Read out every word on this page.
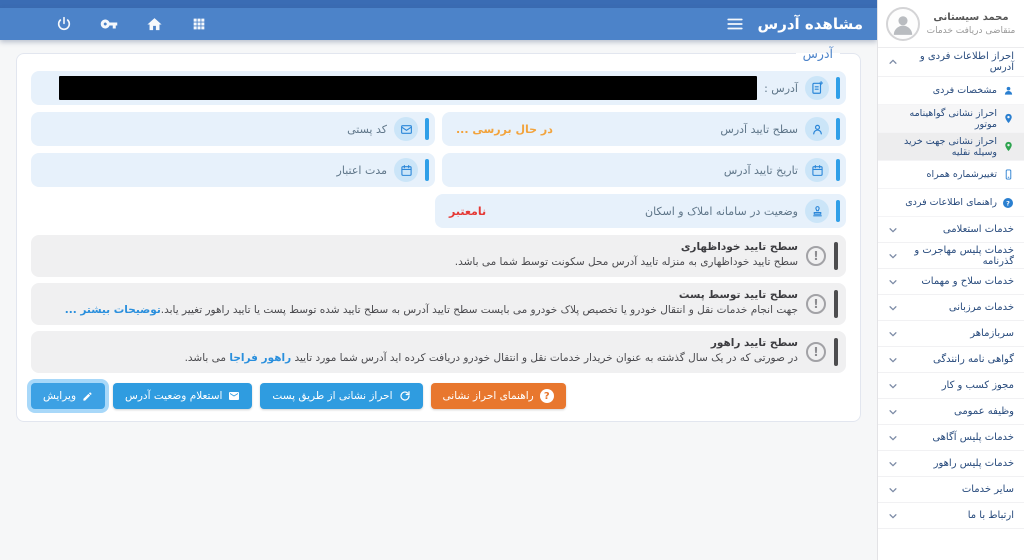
محمد سیستانی
متقاضی دریافت خدمات
احراز اطلاعات فردی و آدرس
مشخصات فردی
احراز نشانی گواهینامه موتور
احراز نشانی جهت خرید وسیله نقلیه
تغییرشماره همراه
?
راهنمای اطلاعات فردی
خدمات استعلامی
خدمات پلیس مهاجرت و گذرنامه
خدمات سلاح و مهمات
خدمات مرزبانی
سربازماهر
گواهی نامه رانندگی
مجوز کسب و کار
وظیفه عمومی
خدمات پلیس آگاهی
خدمات پلیس راهور
سایر خدمات
ارتباط با ما
مشاهده آدرس
آدرس
آدرس :
سطح تایید آدرس
در حال بررسی ...
کد پستی
تاریخ تایید آدرس
مدت اعتبار
وضعیت در سامانه املاک و اسکان
نامعتبر
!
سطح تایید خوداظهاری
سطح تایید خوداظهاری به منزله تایید آدرس محل سکونت توسط شما می باشد.
!
سطح تایید توسط پست
جهت انجام خدمات نقل و انتقال خودرو یا تخصیص پلاک خودرو می بایست سطح تایید آدرس به سطح تایید شده توسط پست یا تایید راهور تغییر یابد.توضیحات بیشتر ...
!
سطح تایید راهور
در صورتی که در یک سال گذشته به عنوان خریدار خدمات نقل و انتقال خودرو دریافت کرده اید آدرس شما مورد تایید راهور فراجا می باشد.
?
راهنمای احراز نشانی
احراز نشانی از طریق پست
استعلام وضعیت آدرس
ویرایش
